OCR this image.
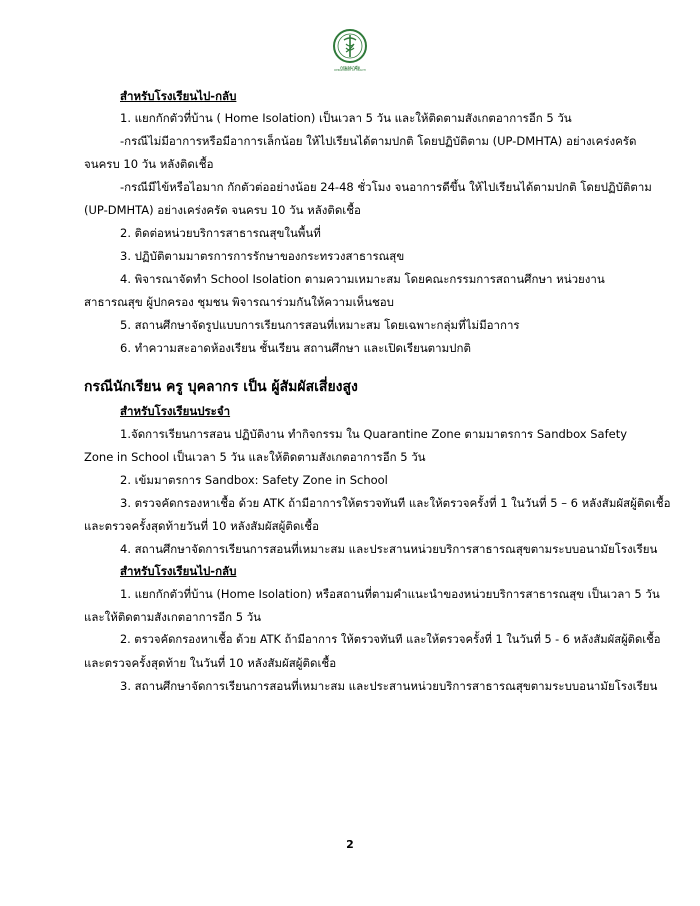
กรมอนามัย
DEPARTMENT OF HEALTH
สำหรับโรงเรียนไป-กลับ
1. แยกกักตัวที่บ้าน ( Home Isolation) เป็นเวลา 5 วัน และให้ติดตามสังเกตอาการอีก 5 วัน
-กรณีไม่มีอาการหรือมีอาการเล็กน้อย ให้ไปเรียนได้ตามปกติ โดยปฏิบัติตาม (UP-DMHTA) อย่างเคร่งครัด
จนครบ 10 วัน หลังติดเชื้อ
-กรณีมีไข้หรือไอมาก กักตัวต่ออย่างน้อย 24-48 ชั่วโมง จนอาการดีขึ้น ให้ไปเรียนได้ตามปกติ โดยปฏิบัติตาม
(UP-DMHTA) อย่างเคร่งครัด จนครบ 10 วัน หลังติดเชื้อ
2. ติดต่อหน่วยบริการสาธารณสุขในพื้นที่
3. ปฏิบัติตามมาตรการการรักษาของกระทรวงสาธารณสุข
4. พิจารณาจัดทำ School Isolation ตามความเหมาะสม โดยคณะกรรมการสถานศึกษา หน่วยงาน
สาธารณสุข ผู้ปกครอง ชุมชน พิจารณาร่วมกันให้ความเห็นชอบ
5. สถานศึกษาจัดรูปแบบการเรียนการสอนที่เหมาะสม โดยเฉพาะกลุ่มที่ไม่มีอาการ
6. ทำความสะอาดห้องเรียน ชั้นเรียน สถานศึกษา และเปิดเรียนตามปกติ
กรณีนักเรียน ครู บุคลากร เป็น ผู้สัมผัสเสี่ยงสูง
สำหรับโรงเรียนประจำ
1.จัดการเรียนการสอน ปฏิบัติงาน ทำกิจกรรม ใน Quarantine Zone ตามมาตรการ Sandbox Safety
Zone in School เป็นเวลา 5 วัน และให้ติดตามสังเกตอาการอีก 5 วัน
2. เข้มมาตรการ Sandbox: Safety Zone in School
3. ตรวจคัดกรองหาเชื้อ ด้วย ATK ถ้ามีอาการให้ตรวจทันที และให้ตรวจครั้งที่ 1 ในวันที่ 5 – 6 หลังสัมผัสผู้ติดเชื้อ
และตรวจครั้งสุดท้ายวันที่ 10 หลังสัมผัสผู้ติดเชื้อ
4. สถานศึกษาจัดการเรียนการสอนที่เหมาะสม และประสานหน่วยบริการสาธารณสุขตามระบบอนามัยโรงเรียน
สำหรับโรงเรียนไป-กลับ
1. แยกกักตัวที่บ้าน (Home Isolation) หรือสถานที่ตามคำแนะนำของหน่วยบริการสาธารณสุข เป็นเวลา 5 วัน
และให้ติดตามสังเกตอาการอีก 5 วัน
2. ตรวจคัดกรองหาเชื้อ ด้วย ATK ถ้ามีอาการ ให้ตรวจทันที และให้ตรวจครั้งที่ 1 ในวันที่ 5 - 6 หลังสัมผัสผู้ติดเชื้อ
และตรวจครั้งสุดท้าย ในวันที่ 10 หลังสัมผัสผู้ติดเชื้อ
3. สถานศึกษาจัดการเรียนการสอนที่เหมาะสม และประสานหน่วยบริการสาธารณสุขตามระบบอนามัยโรงเรียน
2
